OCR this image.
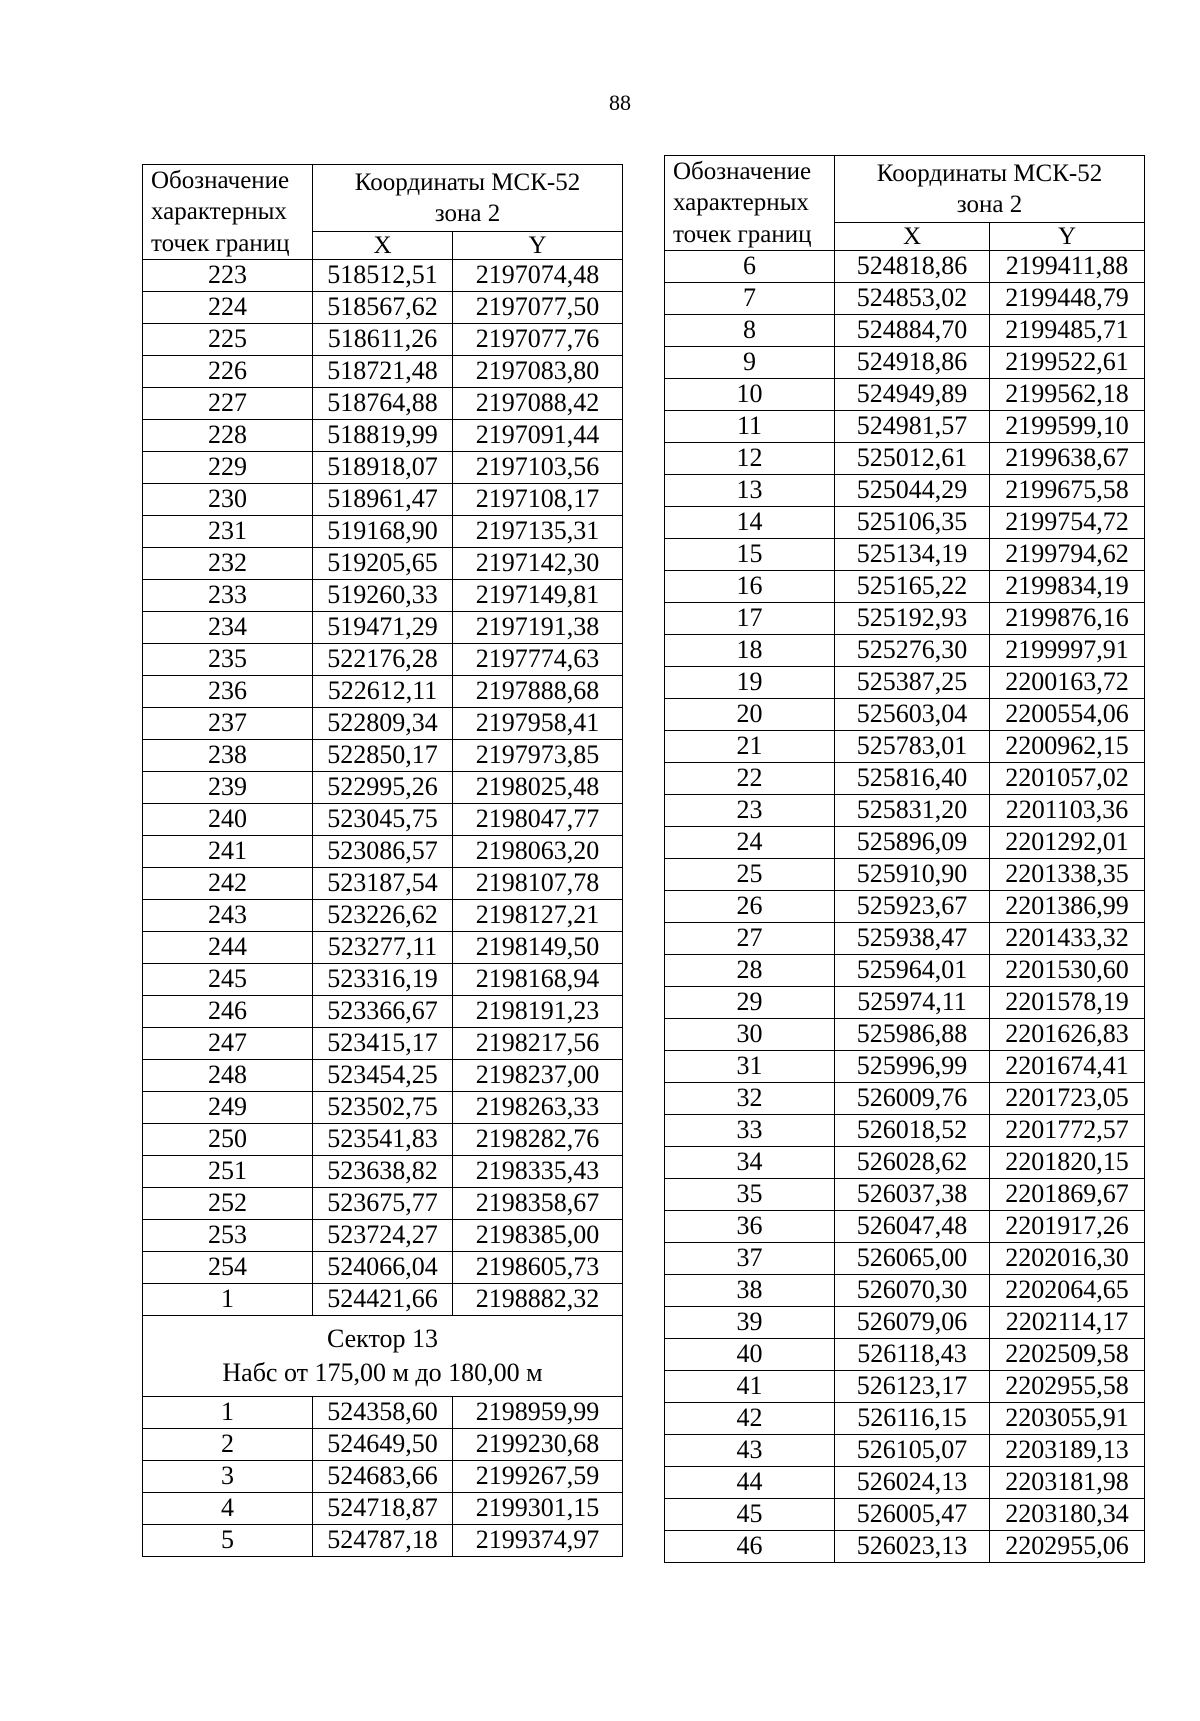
88
Обозначение
характерных
точек границ	Координаты МСК-52
зона 2	
	X	Y
223	518512,51	2197074,48
224	518567,62	2197077,50
225	518611,26	2197077,76
226	518721,48	2197083,80
227	518764,88	2197088,42
228	518819,99	2197091,44
229	518918,07	2197103,56
230	518961,47	2197108,17
231	519168,90	2197135,31
232	519205,65	2197142,30
233	519260,33	2197149,81
234	519471,29	2197191,38
235	522176,28	2197774,63
236	522612,11	2197888,68
237	522809,34	2197958,41
238	522850,17	2197973,85
239	522995,26	2198025,48
240	523045,75	2198047,77
241	523086,57	2198063,20
242	523187,54	2198107,78
243	523226,62	2198127,21
244	523277,11	2198149,50
245	523316,19	2198168,94
246	523366,67	2198191,23
247	523415,17	2198217,56
248	523454,25	2198237,00
249	523502,75	2198263,33
250	523541,83	2198282,76
251	523638,82	2198335,43
252	523675,77	2198358,67
253	523724,27	2198385,00
254	524066,04	2198605,73
1	524421,66	2198882,32
Сектор 13
Набс от 175,00 м до 180,00 м		
1	524358,60	2198959,99
2	524649,50	2199230,68
3	524683,66	2199267,59
4	524718,87	2199301,15
5	524787,18	2199374,97
Обозначение
характерных
точек границ	Координаты МСК-52
зона 2	
	X	Y
6	524818,86	2199411,88
7	524853,02	2199448,79
8	524884,70	2199485,71
9	524918,86	2199522,61
10	524949,89	2199562,18
11	524981,57	2199599,10
12	525012,61	2199638,67
13	525044,29	2199675,58
14	525106,35	2199754,72
15	525134,19	2199794,62
16	525165,22	2199834,19
17	525192,93	2199876,16
18	525276,30	2199997,91
19	525387,25	2200163,72
20	525603,04	2200554,06
21	525783,01	2200962,15
22	525816,40	2201057,02
23	525831,20	2201103,36
24	525896,09	2201292,01
25	525910,90	2201338,35
26	525923,67	2201386,99
27	525938,47	2201433,32
28	525964,01	2201530,60
29	525974,11	2201578,19
30	525986,88	2201626,83
31	525996,99	2201674,41
32	526009,76	2201723,05
33	526018,52	2201772,57
34	526028,62	2201820,15
35	526037,38	2201869,67
36	526047,48	2201917,26
37	526065,00	2202016,30
38	526070,30	2202064,65
39	526079,06	2202114,17
40	526118,43	2202509,58
41	526123,17	2202955,58
42	526116,15	2203055,91
43	526105,07	2203189,13
44	526024,13	2203181,98
45	526005,47	2203180,34
46	526023,13	2202955,06
